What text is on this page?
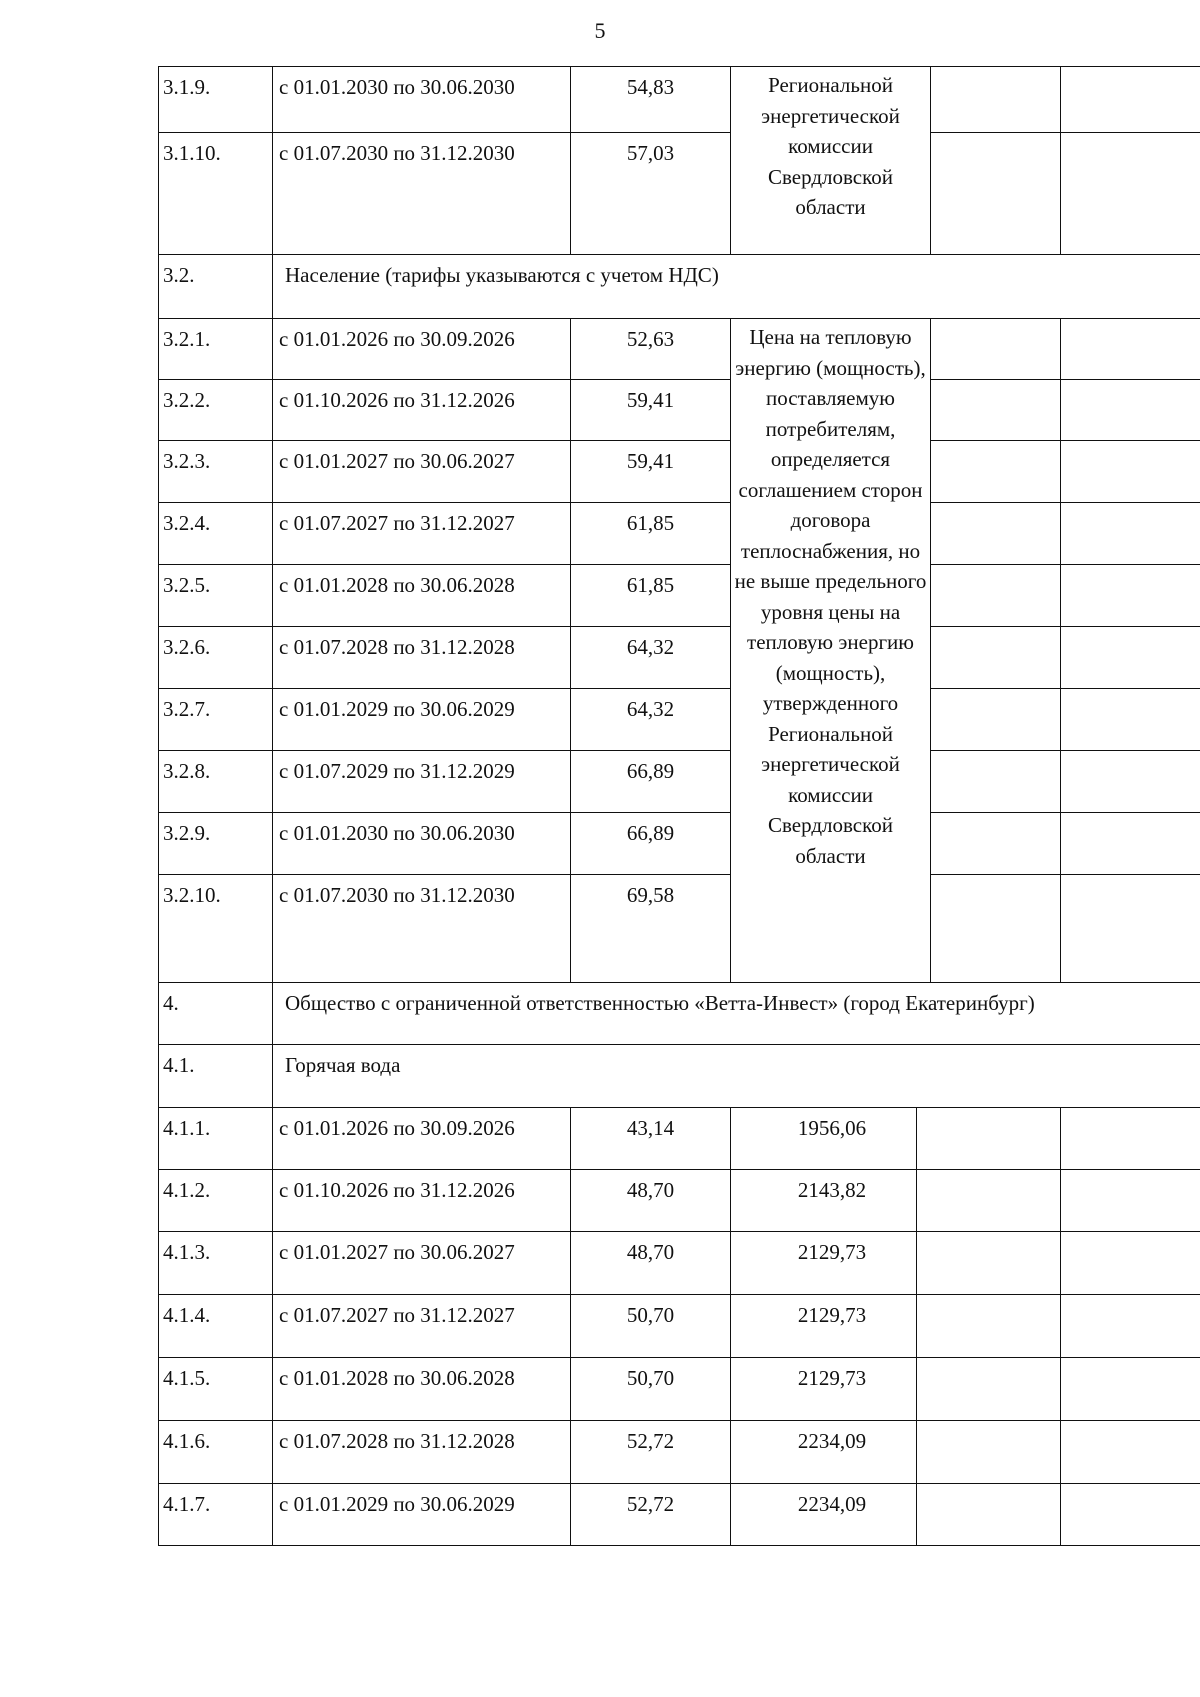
5
3.1.9.	с 01.01.2030 по 30.06.2030	54,83	Региональной энергетической комиссии Свердловской области			
3.1.10.	с 01.07.2030 по 31.12.2030	57,03				
3.2.	Население (тарифы указываются с учетом НДС)					
3.2.1.	с 01.01.2026 по 30.09.2026	52,63	Цена на тепловую энергию (мощность), поставляемую потребителям, определяется соглашением сторон договора теплоснабжения, но не выше предельного уровня цены на тепловую энергию (мощность), утвержденного Региональной энергетической комиссии Свердловской области			
3.2.2.	с 01.10.2026 по 31.12.2026	59,41				
3.2.3.	с 01.01.2027 по 30.06.2027	59,41				
3.2.4.	с 01.07.2027 по 31.12.2027	61,85				
3.2.5.	с 01.01.2028 по 30.06.2028	61,85				
3.2.6.	с 01.07.2028 по 31.12.2028	64,32				
3.2.7.	с 01.01.2029 по 30.06.2029	64,32				
3.2.8.	с 01.07.2029 по 31.12.2029	66,89				
3.2.9.	с 01.01.2030 по 30.06.2030	66,89				
3.2.10.	с 01.07.2030 по 31.12.2030	69,58				
4.	Общество с ограниченной ответственностью «Ветта-Инвест» (город Екатеринбург)					
4.1.	Горячая вода					
4.1.1.	с 01.01.2026 по 30.09.2026	43,14	1956,06			
4.1.2.	с 01.10.2026 по 31.12.2026	48,70	2143,82			
4.1.3.	с 01.01.2027 по 30.06.2027	48,70	2129,73			
4.1.4.	с 01.07.2027 по 31.12.2027	50,70	2129,73			
4.1.5.	с 01.01.2028 по 30.06.2028	50,70	2129,73			
4.1.6.	с 01.07.2028 по 31.12.2028	52,72	2234,09			
4.1.7.	с 01.01.2029 по 30.06.2029	52,72	2234,09			
